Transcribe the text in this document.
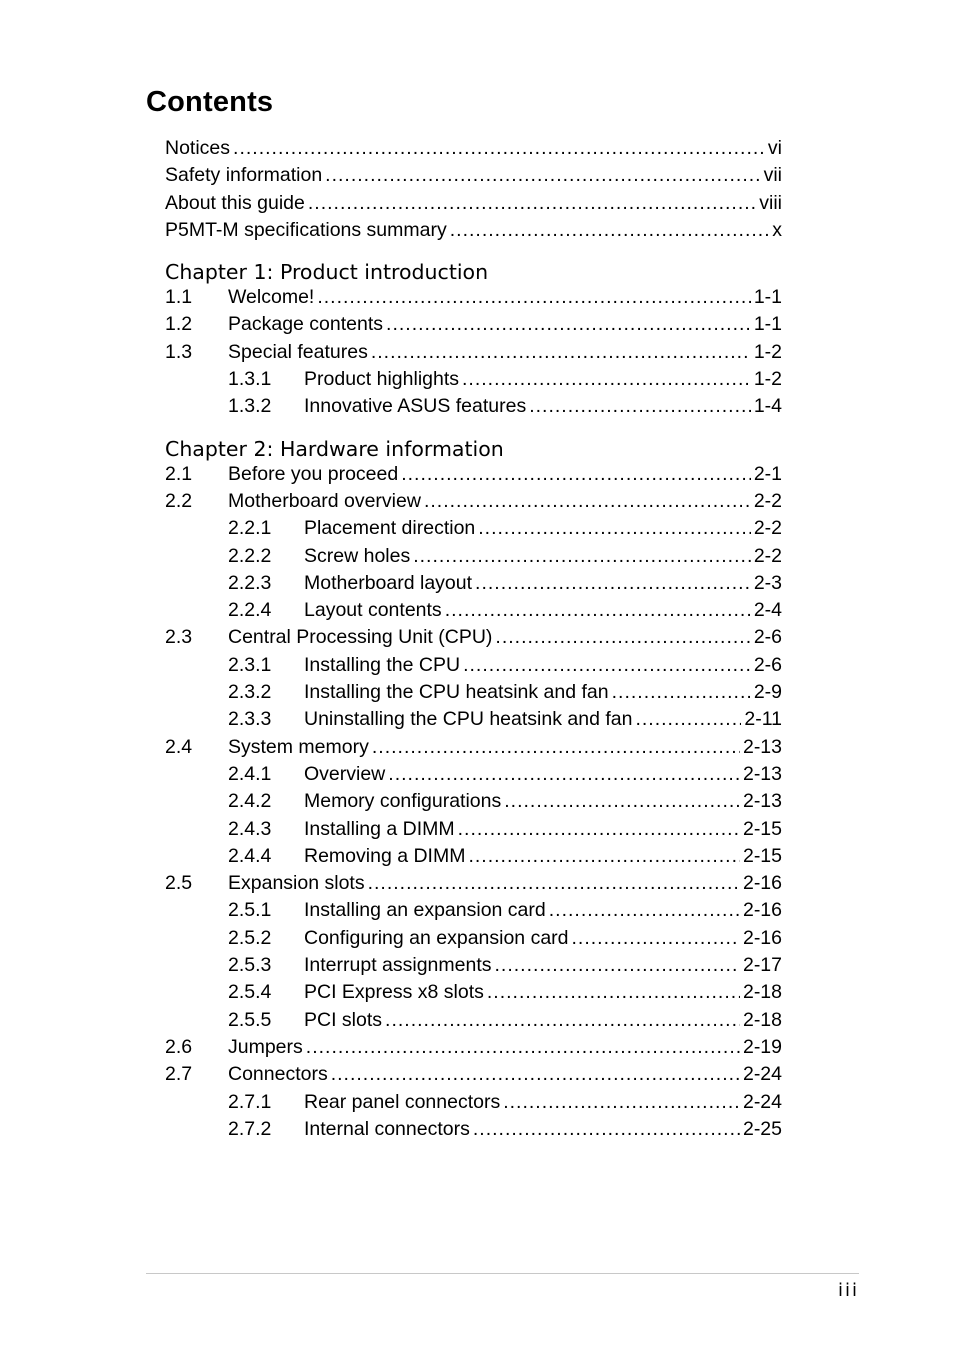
Contents
Notices .....	vi
Safety information .....	vii
About this guide .....	viii
P5MT-M specifications summary .....	x
Chapter 1: Product introduction
1.1	Welcome! .....	1-1
1.2	Package contents .....	1-1
1.3	Special features .....	1-2
1.3.1	Product highlights .....	1-2
1.3.2	Innovative ASUS features .....	1-4
Chapter 2: Hardware information
2.1	Before you proceed .....	2-1
2.2	Motherboard overview .....	2-2
2.2.1	Placement direction .....	2-2
2.2.2	Screw holes .....	2-2
2.2.3	Motherboard layout .....	2-3
2.2.4	Layout contents .....	2-4
2.3	Central Processing Unit (CPU) .....	2-6
2.3.1	Installing the CPU .....	2-6
2.3.2	Installing the CPU heatsink and fan .....	2-9
2.3.3	Uninstalling the CPU heatsink and fan .....	2-11
2.4	System memory .....	2-13
2.4.1	Overview .....	2-13
2.4.2	Memory configurations .....	2-13
2.4.3	Installing a DIMM .....	2-15
2.4.4	Removing a DIMM .....	2-15
2.5	Expansion slots .....	2-16
2.5.1	Installing an expansion card .....	2-16
2.5.2	Configuring an expansion card .....	2-16
2.5.3	Interrupt assignments .....	2-17
2.5.4	PCI Express x8 slots .....	2-18
2.5.5	PCI slots .....	2-18
2.6	Jumpers .....	2-19
2.7	Connectors .....	2-24
2.7.1	Rear panel connectors .....	2-24
2.7.2	Internal connectors .....	2-25
iii
